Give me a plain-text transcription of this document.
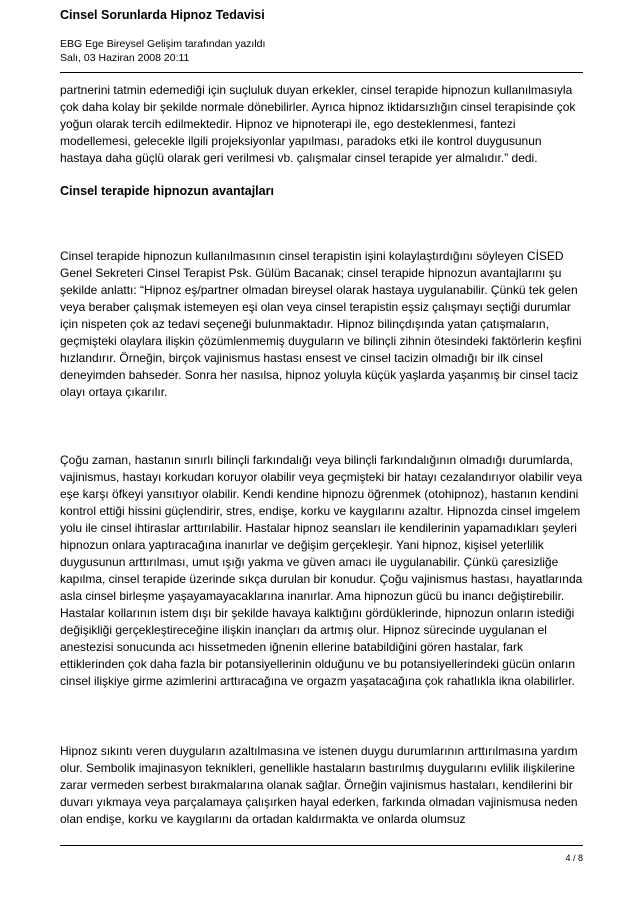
Cinsel Sorunlarda Hipnoz Tedavisi
EBG Ege Bireysel Gelişim tarafından yazıldı
Salı, 03 Haziran 2008 20:11

partnerini tatmin edemediği için suçluluk duyan erkekler, cinsel terapide hipnozun kullanılmasıyla çok daha kolay bir şekilde normale dönebilirler. Ayrıca hipnoz iktidarsızlığın cinsel terapisinde çok yoğun olarak tercih edilmektedir. Hipnoz ve hipnoterapi ile, ego desteklenmesi, fantezi modellemesi, gelecekle ilgili projeksiyonlar yapılması, paradoks etki ile kontrol duygusunun hastaya daha güçlü olarak geri verilmesi vb. çalışmalar cinsel terapide yer almalıdır.” dedi.

Cinsel terapide hipnozun avantajları

Cinsel terapide hipnozun kullanılmasının cinsel terapistin işini kolaylaştırdığını söyleyen CİSED Genel Sekreteri Cinsel Terapist Psk. Gülüm Bacanak; cinsel terapide hipnozun avantajlarını şu şekilde anlattı: “Hipnoz eş/partner olmadan bireysel olarak hastaya uygulanabilir. Çünkü tek gelen veya beraber çalışmak istemeyen eşi olan veya cinsel terapistin eşsiz çalışmayı seçtiği durumlar için nispeten çok az tedavi seçeneği bulunmaktadır. Hipnoz bilinçdışında yatan çatışmaların, geçmişteki olaylara ilişkin çözümlenmemiş duyguların ve bilinçli zihnin ötesindeki faktörlerin keşfini hızlandırır. Örneğin, birçok vajinismus hastası ensest ve cinsel tacizin olmadığı bir ilk cinsel deneyimden bahseder. Sonra her nasılsa, hipnoz yoluyla küçük yaşlarda yaşanmış bir cinsel taciz olayı ortaya çıkarılır.

Çoğu zaman, hastanın sınırlı bilinçli farkındalığı veya bilinçli farkındalığının olmadığı durumlarda, vajinismus, hastayı korkudan koruyor olabilir veya geçmişteki bir hatayı cezalandırıyor olabilir veya eşe karşı öfkeyi yansıtıyor olabilir. Kendi kendine hipnozu öğrenmek (otohipnoz), hastanın kendini kontrol ettiği hissini güçlendirir, stres, endişe, korku ve kaygılarını azaltır. Hipnozda cinsel imgelem yolu ile cinsel ihtiraslar arttırılabilir. Hastalar hipnoz seansları ile kendilerinin yapamadıkları şeyleri hipnozun onlara yaptıracağına inanırlar ve değişim gerçekleşir. Yani hipnoz, kişisel yeterlilik duygusunun arttırılması, umut ışığı yakma ve güven amacı ile uygulanabilir. Çünkü çaresizliğe kapılma, cinsel terapide üzerinde sıkça durulan bir konudur. Çoğu vajinismus hastası, hayatlarında asla cinsel birleşme yaşayamayacaklarına inanırlar. Ama hipnozun gücü bu inancı değiştirebilir. Hastalar kollarının istem dışı bir şekilde havaya kalktığını gördüklerinde, hipnozun onların istediği değişikliği gerçekleştireceğine ilişkin inançları da artmış olur. Hipnoz sürecinde uygulanan el anestezisi sonucunda acı hissetmeden iğnenin ellerine batabildiğini gören hastalar, fark ettiklerinden çok daha fazla bir potansiyellerinin olduğunu ve bu potansiyellerindeki gücün onların cinsel ilişkiye girme azimlerini arttıracağına ve orgazm yaşatacağına çok rahatlıkla ikna olabilirler.

Hipnoz sıkıntı veren duyguların azaltılmasına ve istenen duygu durumlarının arttırılmasına yardım olur. Sembolik imajinasyon teknikleri, genellikle hastaların bastırılmış duygularını evlilik ilişkilerine zarar vermeden serbest bırakmalarına olanak sağlar. Örneğin vajinismus hastaları, kendilerini bir duvarı yıkmaya veya parçalamaya çalışırken hayal ederken, farkında olmadan vajinismusa neden olan endişe, korku ve kaygılarını da ortadan kaldırmakta ve onlarda olumsuz

4 / 8
